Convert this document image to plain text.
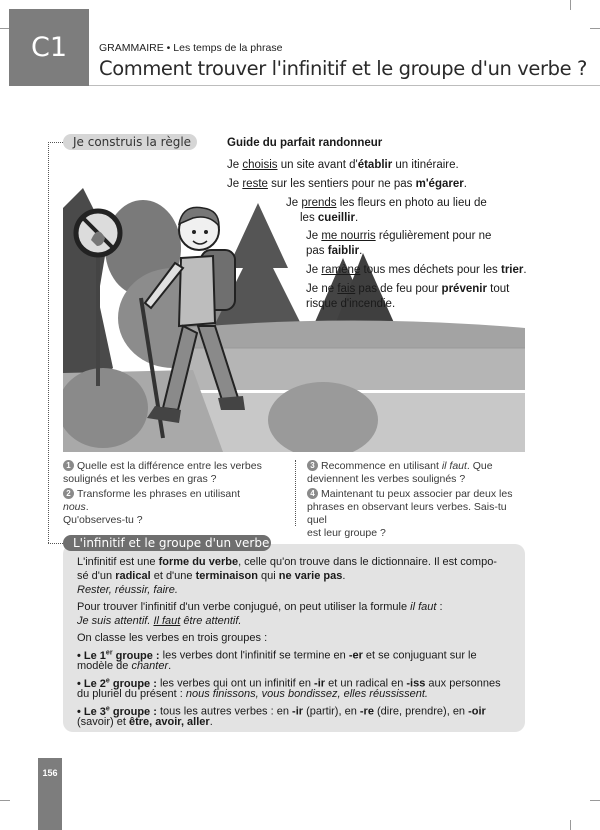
C1	GRAMMAIRE • Les temps de la phrase
Comment trouver l'infinitif et le groupe d'un verbe ?
Je construis la règle	Guide du parfait randonneur
Je choisis un site avant d'établir un itinéraire.
Je reste sur les sentiers pour ne pas m'égarer.
Je prends les fleurs en photo au lieu de
les cueillir.
Je me nourris régulièrement pour ne
pas faiblir.
Je ramène tous mes déchets pour les trier.
Je ne fais pas de feu pour prévenir tout
risque d'incendie.
1 Quelle est la différence entre les verbes
soulignés et les verbes en gras ?
2 Transforme les phrases en utilisant nous.
Qu'observes-tu ?
3 Recommence en utilisant il faut. Que
deviennent les verbes soulignés ?
4 Maintenant tu peux associer par deux les
phrases en observant leurs verbes. Sais-tu quel
est leur groupe ?
L'infinitif et le groupe d'un verbe
L'infinitif est une forme du verbe, celle qu'on trouve dans le dictionnaire. Il est compo-
sé d'un radical et d'une terminaison qui ne varie pas.
Rester, réussir, faire.
Pour trouver l'infinitif d'un verbe conjugué, on peut utiliser la formule il faut :
Je suis attentif. Il faut être attentif.
On classe les verbes en trois groupes :
• Le 1er groupe : les verbes dont l'infinitif se termine en -er et se conjuguant sur le
modèle de chanter.
• Le 2e groupe : les verbes qui ont un infinitif en -ir et un radical en -iss aux personnes
du pluriel du présent : nous finissons, vous bondissez, elles réussissent.
• Le 3e groupe : tous les autres verbes : en -ir (partir), en -re (dire, prendre), en -oir
(savoir) et être, avoir, aller.
156
